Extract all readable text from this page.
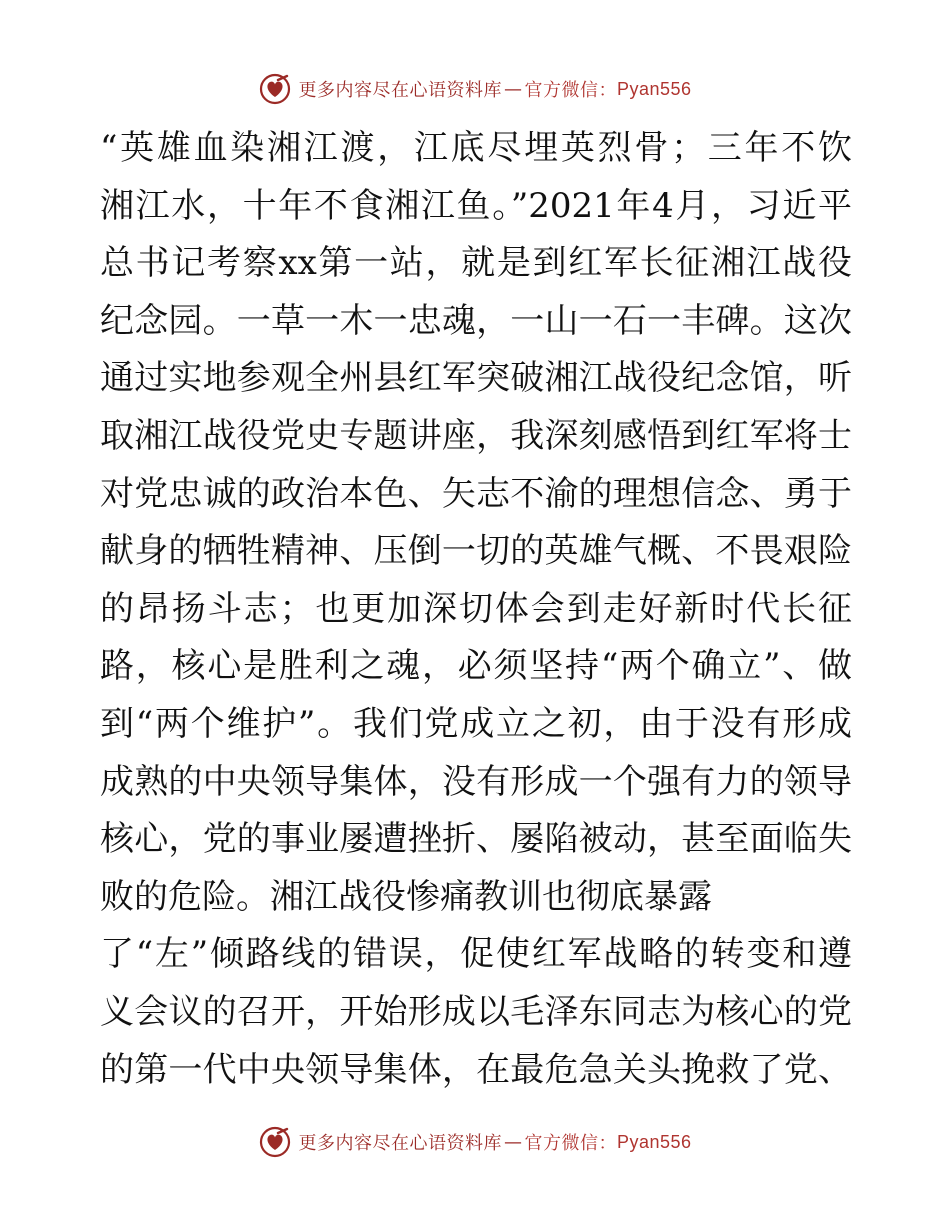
更多内容尽在心语资料库 — 官方微信： Pyan556
“英雄血染湘江渡，江底尽埋英烈骨；三年不饮
湘江水，十年不食湘江鱼。”2021年4月，习近平
总书记考察xx第一站，就是到红军长征湘江战役
纪念园。一草一木一忠魂，一山一石一丰碑。这次
通过实地参观全州县红军突破湘江战役纪念馆，听
取湘江战役党史专题讲座，我深刻感悟到红军将士
对党忠诚的政治本色、矢志不渝的理想信念、勇于
献身的牺牲精神、压倒一切的英雄气概、不畏艰险
的昂扬斗志；也更加深切体会到走好新时代长征
路，核心是胜利之魂，必须坚持“两个确立”、做
到“两个维护”。我们党成立之初，由于没有形成
成熟的中央领导集体，没有形成一个强有力的领导
核心，党的事业屡遭挫折、屡陷被动，甚至面临失
败的危险。湘江战役惨痛教训也彻底暴露
了“左”倾路线的错误，促使红军战略的转变和遵
义会议的召开，开始形成以毛泽东同志为核心的党
的第一代中央领导集体，在最危急关头挽救了党、
更多内容尽在心语资料库 — 官方微信： Pyan556
